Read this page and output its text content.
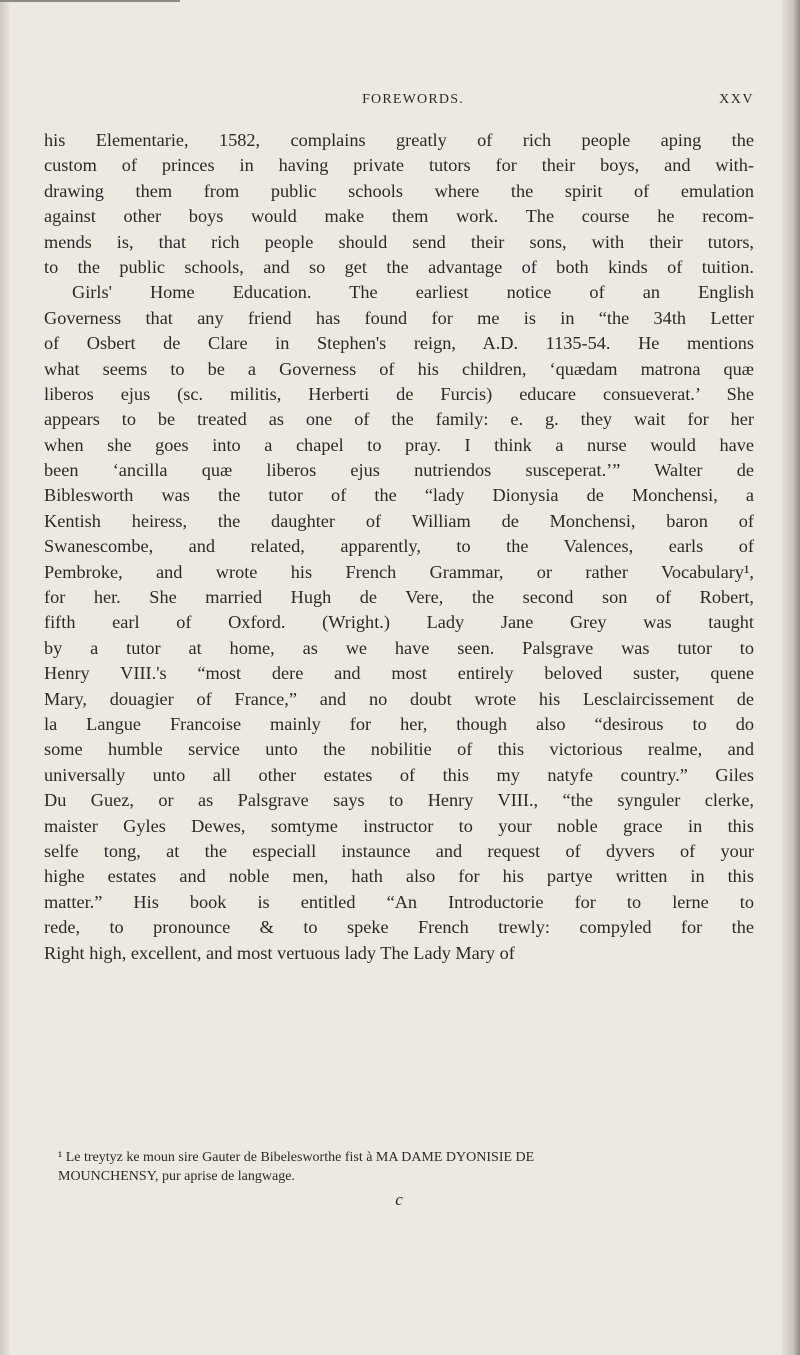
FOREWORDS.	XXV
his Elementarie, 1582, complains greatly of rich people aping the
custom of princes in having private tutors for their boys, and with-
drawing them from public schools where the spirit of emulation
against other boys would make them work. The course he recom-
mends is, that rich people should send their sons, with their tutors,
to the public schools, and so get the advantage of both kinds of tuition.
Girls' Home Education. The earliest notice of an English
Governess that any friend has found for me is in “the 34th Letter
of Osbert de Clare in Stephen's reign, A.D. 1135-54. He mentions
what seems to be a Governess of his children, ‘quædam matrona quæ
liberos ejus (sc. militis, Herberti de Furcis) educare consueverat.’ She
appears to be treated as one of the family: e. g. they wait for her
when she goes into a chapel to pray. I think a nurse would have
been ‘ancilla quæ liberos ejus nutriendos susceperat.’” Walter de
Biblesworth was the tutor of the “lady Dionysia de Monchensi, a
Kentish heiress, the daughter of William de Monchensi, baron of
Swanescombe, and related, apparently, to the Valences, earls of
Pembroke, and wrote his French Grammar, or rather Vocabulary¹,
for her. She married Hugh de Vere, the second son of Robert,
fifth earl of Oxford. (Wright.) Lady Jane Grey was taught
by a tutor at home, as we have seen. Palsgrave was tutor to
Henry VIII.'s “most dere and most entirely beloved suster, quene
Mary, douagier of France,” and no doubt wrote his Lesclaircissement de
la Langue Francoise mainly for her, though also “desirous to do
some humble service unto the nobilitie of this victorious realme, and
universally unto all other estates of this my natyfe country.” Giles
Du Guez, or as Palsgrave says to Henry VIII., “the synguler clerke,
maister Gyles Dewes, somtyme instructor to your noble grace in this
selfe tong, at the especiall instaunce and request of dyvers of your
highe estates and noble men, hath also for his partye written in this
matter.” His book is entitled “An Introductorie for to lerne to
rede, to pronounce & to speke French trewly: compyled for the
Right high, excellent, and most vertuous lady The Lady Mary of
¹ Le treytyz ke moun sire Gauter de Bibelesworthe fist à MA DAME DYONISIE DE
MOUNCHENSY, pur aprise de langwage.
c
